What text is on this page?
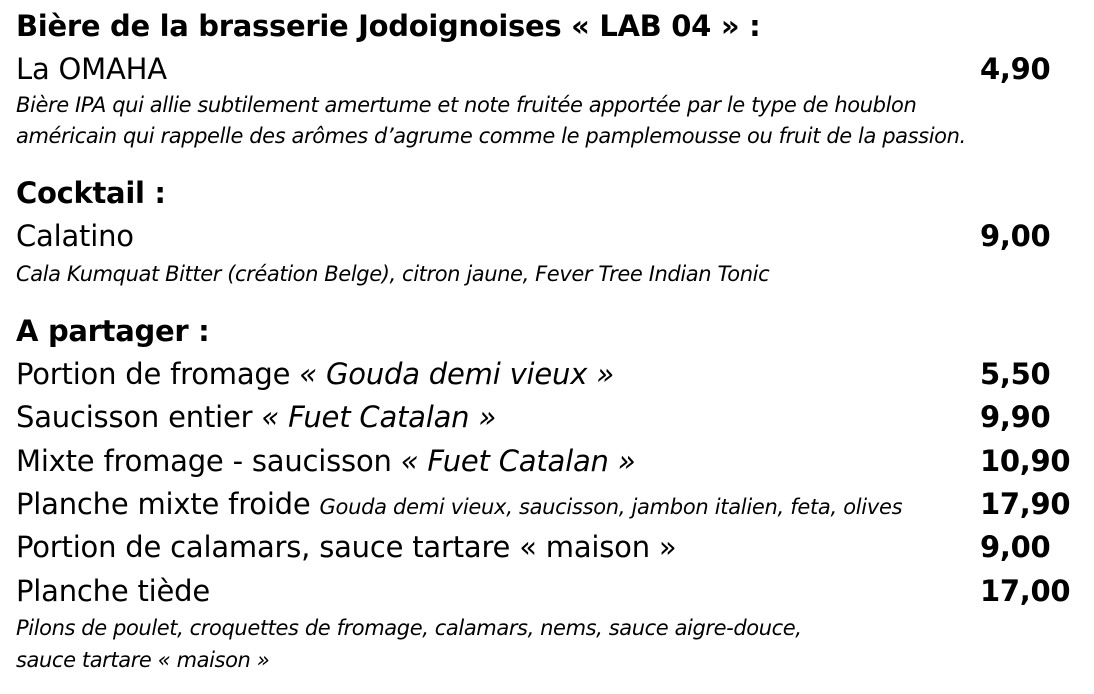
Bière de la brasserie Jodoignoises « LAB 04 » :
La OMAHA	4,90
Bière IPA qui allie subtilement amertume et note fruitée apportée par le type de houblon
américain qui rappelle des arômes d’agrume comme le pamplemousse ou fruit de la passion.
Cocktail :
Calatino	9,00
Cala Kumquat Bitter (création Belge), citron jaune, Fever Tree Indian Tonic
A partager :
Portion de fromage « Gouda demi vieux »	5,50
Saucisson entier « Fuet Catalan »	9,90
Mixte fromage - saucisson « Fuet Catalan »	10,90
Planche mixte froide Gouda demi vieux, saucisson, jambon italien, feta, olives	17,90
Portion de calamars, sauce tartare « maison »	9,00
Planche tiède	17,00
Pilons de poulet, croquettes de fromage, calamars, nems, sauce aigre-douce,
sauce tartare « maison »
